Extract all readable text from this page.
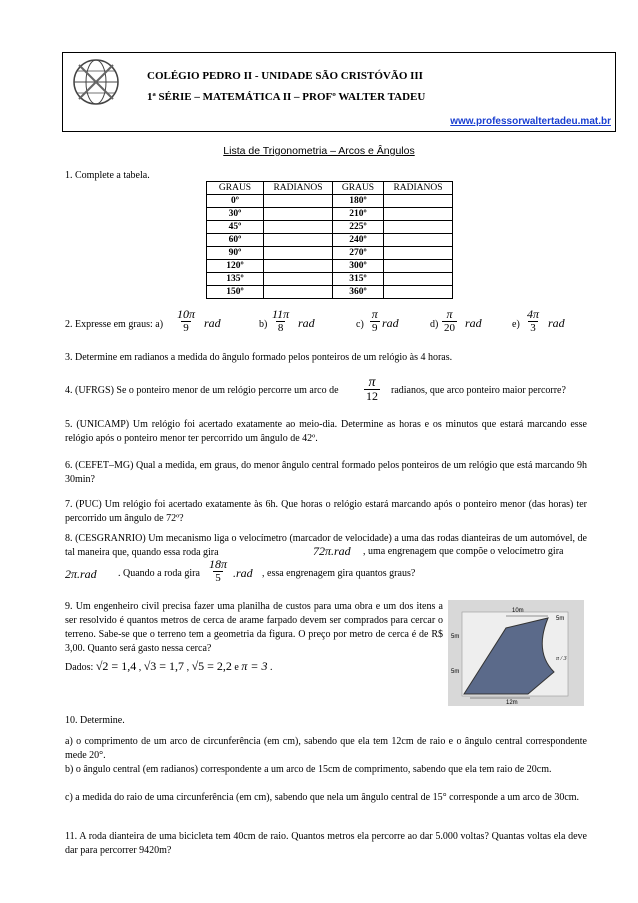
COLÉGIO PEDRO II - UNIDADE SÃO CRISTÓVÃO III
1ª SÉRIE – MATEMÁTICA II – PROFº WALTER TADEU
www.professorwaltertadeu.mat.br
Lista de Trigonometria – Arcos e Ângulos
1. Complete a tabela.
GRAUS	RADIANOS	GRAUS	RADIANOS
0º		180º	
30º		210º	
45º		225º	
60º		240º	
90º		270º	
120º		300º	
135º		315º	
150º		360º	
2. Expresse em graus: $a) \frac{10\pi}{9}$ rad	$b) \frac{11\pi}{8}$ rad	$c) \frac{\pi}{9}$ rad	$d) \frac{\pi}{20}$ rad	$e) \frac{4\pi}{3}$ rad
3. Determine em radianos a medida do ângulo formado pelos ponteiros de um relógio às 4 horas.
4. (UFRGS) Se o ponteiro menor de um relógio percorre um arco de $\frac{\pi}{12}$ radianos, que arco ponteiro maior percorre?
5. (UNICAMP) Um relógio foi acertado exatamente ao meio-dia. Determine as horas e os minutos que estará marcando esse relógio após o ponteiro menor ter percorrido um ângulo de 42º.
6. (CEFET–MG) Qual a medida, em graus, do menor ângulo central formado pelos ponteiros de um relógio que está marcando 9h 30min?
7. (PUC) Um relógio foi acertado exatamente às 6h. Que horas o relógio estará marcando após o ponteiro menor (das horas) ter percorrido um ângulo de 72º?
8. (CESGRANRIO) Um mecanismo liga o velocímetro (marcador de velocidade) a uma das rodas dianteiras de um automóvel, de tal maneira que, quando essa roda gira	72π.rad , uma engrenagem que compõe o velocímetro gira
2π.rad . Quando a roda gira $\frac{18\pi}{5} .rad$ , essa engrenagem gira quantos graus?
9. Um engenheiro civil precisa fazer uma planilha de custos para uma obra e um dos itens a ser resolvido é quantos metros de cerca de arame farpado devem ser comprados para cercar o terreno. Sabe-se que o terreno tem a geometria da figura. O preço por metro de cerca é de R$ 3,00. Quanto será gasto nessa cerca?
Dados: √2 = 1,4 , √3 = 1,7 , √5 = 2,2 e π = 3 .
10m
5m
5m
5m
12m
π / 3
10. Determine.
a) o comprimento de um arco de circunferência (em cm), sabendo que ela tem 12cm de raio e o ângulo central correspondente mede 20°.
b) o ângulo central (em radianos) correspondente a um arco de 15cm de comprimento, sabendo que ela tem raio de 20cm.
c) a medida do raio de uma circunferência (em cm), sabendo que nela um ângulo central de 15° corresponde a um arco de 30cm.
11. A roda dianteira de uma bicicleta tem 40cm de raio. Quantos metros ela percorre ao dar 5.000 voltas? Quantas voltas ela deve dar para percorrer 9420m?
